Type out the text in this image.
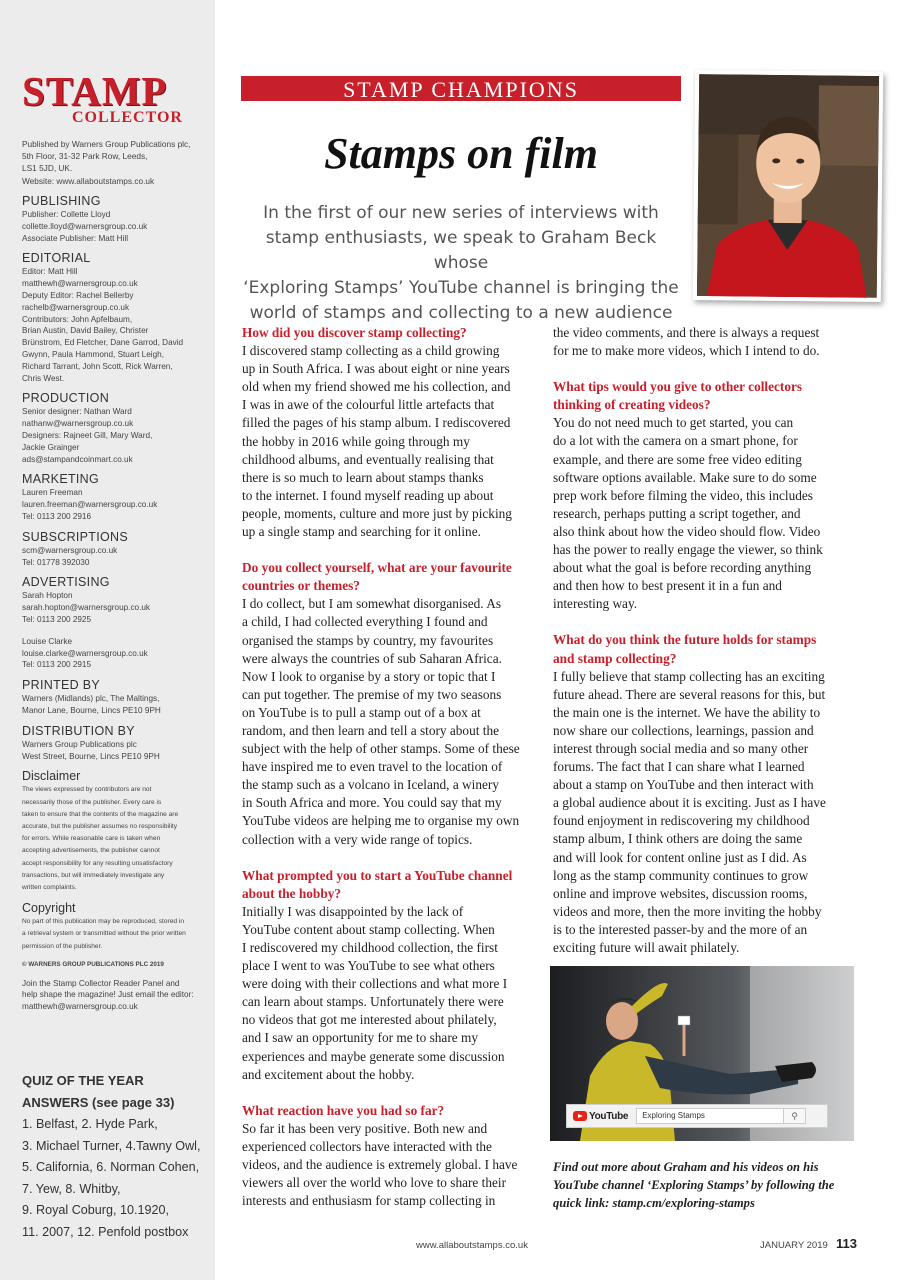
STAMP
COLLECTOR
Published by Warners Group Publications plc,
5th Floor, 31-32 Park Row, Leeds,
LS1 5JD, UK.
Website: www.allaboutstamps.co.uk
PUBLISHING
Publisher: Collette Lloyd
collette.lloyd@warnersgroup.co.uk
Associate Publisher: Matt Hill
EDITORIAL
Editor: Matt Hill
matthewh@warnersgroup.co.uk
Deputy Editor: Rachel Bellerby
rachelb@warnersgroup.co.uk
Contributors: John Apfelbaum,
Brian Austin, David Bailey, Christer
Brünstrom, Ed Fletcher, Dane Garrod, David
Gwynn, Paula Hammond, Stuart Leigh,
Richard Tarrant, John Scott, Rick Warren,
Chris West.
PRODUCTION
Senior designer: Nathan Ward
nathanw@warnersgroup.co.uk
Designers: Rajneet Gill, Mary Ward,
Jackie Grainger
ads@stampandcoinmart.co.uk
MARKETING
Lauren Freeman
lauren.freeman@warnersgroup.co.uk
Tel: 0113 200 2916
SUBSCRIPTIONS
scm@warnersgroup.co.uk
Tel: 01778 392030
ADVERTISING
Sarah Hopton
sarah.hopton@warnersgroup.co.uk
Tel: 0113 200 2925
Louise Clarke
louise.clarke@warnersgroup.co.uk
Tel: 0113 200 2915
PRINTED BY
Warners (Midlands) plc, The Maltings,
Manor Lane, Bourne, Lincs PE10 9PH
DISTRIBUTION BY
Warners Group Publications plc
West Street, Bourne, Lincs PE10 9PH
Disclaimer
The views expressed by contributors are not
necessarily those of the publisher. Every care is
taken to ensure that the contents of the magazine are
accurate, but the publisher assumes no responsibility
for errors. While reasonable care is taken when
accepting advertisements, the publisher cannot
accept responsibility for any resulting unsatisfactory
transactions, but will immediately investigate any
written complaints.
Copyright
No part of this publication may be reproduced, stored in
a retrieval system or transmitted without the prior written
permission of the publisher.
© WARNERS GROUP PUBLICATIONS PLC 2019
Join the Stamp Collector Reader Panel and
help shape the magazine! Just email the editor:
matthewh@warnersgroup.co.uk
QUIZ OF THE YEAR
ANSWERS (see page 33)
1. Belfast, 2. Hyde Park,
3. Michael Turner, 4.Tawny Owl,
5. California, 6. Norman Cohen,
7. Yew, 8. Whitby,
9. Royal Coburg, 10.1920,
11. 2007, 12. Penfold postbox
STAMP CHAMPIONS
Stamps on film
In the first of our new series of interviews with
stamp enthusiasts, we speak to Graham Beck whose
‘Exploring Stamps’ YouTube channel is bringing the
world of stamps and collecting to a new audience
How did you discover stamp collecting?
I discovered stamp collecting as a child growing
up in South Africa. I was about eight or nine years
old when my friend showed me his collection, and
I was in awe of the colourful little artefacts that
filled the pages of his stamp album. I rediscovered
the hobby in 2016 while going through my
childhood albums, and eventually realising that
there is so much to learn about stamps thanks
to the internet. I found myself reading up about
people, moments, culture and more just by picking
up a single stamp and searching for it online.
Do you collect yourself, what are your favourite
countries or themes?
I do collect, but I am somewhat disorganised. As
a child, I had collected everything I found and
organised the stamps by country, my favourites
were always the countries of sub Saharan Africa.
Now I look to organise by a story or topic that I
can put together. The premise of my two seasons
on YouTube is to pull a stamp out of a box at
random, and then learn and tell a story about the
subject with the help of other stamps. Some of these
have inspired me to even travel to the location of
the stamp such as a volcano in Iceland, a winery
in South Africa and more. You could say that my
YouTube videos are helping me to organise my own
collection with a very wide range of topics.
What prompted you to start a YouTube channel
about the hobby?
Initially I was disappointed by the lack of
YouTube content about stamp collecting. When
I rediscovered my childhood collection, the first
place I went to was YouTube to see what others
were doing with their collections and what more I
can learn about stamps. Unfortunately there were
no videos that got me interested about philately,
and I saw an opportunity for me to share my
experiences and maybe generate some discussion
and excitement about the hobby.
What reaction have you had so far?
So far it has been very positive. Both new and
experienced collectors have interacted with the
videos, and the audience is extremely global. I have
viewers all over the world who love to share their
interests and enthusiasm for stamp collecting in
the video comments, and there is always a request
for me to make more videos, which I intend to do.
What tips would you give to other collectors
thinking of creating videos?
You do not need much to get started, you can
do a lot with the camera on a smart phone, for
example, and there are some free video editing
software options available. Make sure to do some
prep work before filming the video, this includes
research, perhaps putting a script together, and
also think about how the video should flow. Video
has the power to really engage the viewer, so think
about what the goal is before recording anything
and then how to best present it in a fun and
interesting way.
What do you think the future holds for stamps
and stamp collecting?
I fully believe that stamp collecting has an exciting
future ahead. There are several reasons for this, but
the main one is the internet. We have the ability to
now share our collections, learnings, passion and
interest through social media and so many other
forums. The fact that I can share what I learned
about a stamp on YouTube and then interact with
a global audience about it is exciting. Just as I have
found enjoyment in rediscovering my childhood
stamp album, I think others are doing the same
and will look for content online just as I did. As
long as the stamp community continues to grow
online and improve websites, discussion rooms,
videos and more, then the more inviting the hobby
is to the interested passer-by and the more of an
exciting future will await philately.
YouTube	Exploring Stamps	⚲
Find out more about Graham and his videos on his
YouTube channel ‘Exploring Stamps’ by following the
quick link: stamp.cm/exploring-stamps
www.allaboutstamps.co.uk	JANUARY 2019 113
